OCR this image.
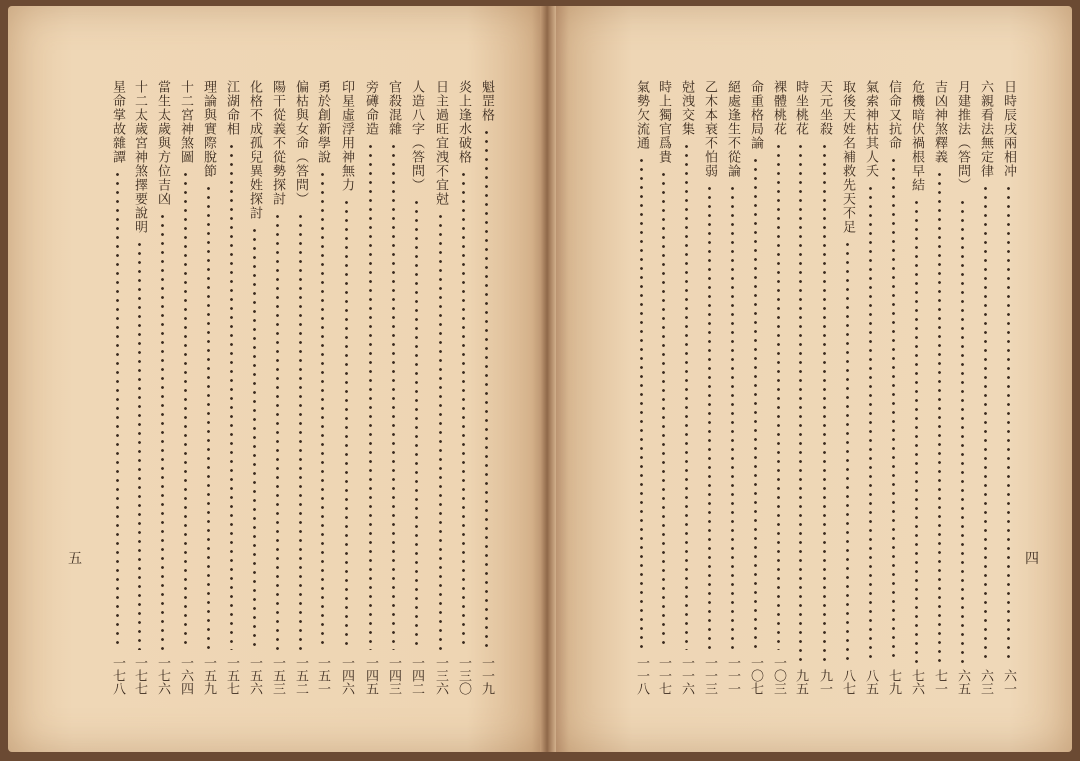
魁罡格
一一九
炎上逢水破格
一三〇
日主過旺宜洩不宜尅
一三六
人造八字（答問）
一四二
官殺混雜
一四三
旁礡命造
一四五
印星虛浮用神無力
一四六
勇於創新學說
一五一
偏枯與女命（答問）
一五二
陽干從義不從勢探討
一五三
化格不成孤兒異姓探討
一五六
江湖命相
一五七
理論與實際脫節
一五九
十二宮神煞圖
一六四
當生太歲與方位吉凶
一七六
十二太歲宮神煞擇要說明
一七七
星命掌故雜譚
一七八
日時辰戌兩相冲
六一
六親看法無定律
六三
月建推法（答問）
六五
吉凶神煞釋義
七一
危機暗伏禍根早結
七六
信命又抗命
七九
氣索神枯其人夭
八五
取後天姓名補救先天不足
八七
天元坐殺
九一
時坐桃花
九五
裸體桃花
一〇三
命重格局論
一〇七
絕處逢生不從論
一一一
乙木本衰不怕弱
一一三
尅洩交集
一一六
時上獨官爲貴
一一七
氣勢欠流通
一一八
五	四
